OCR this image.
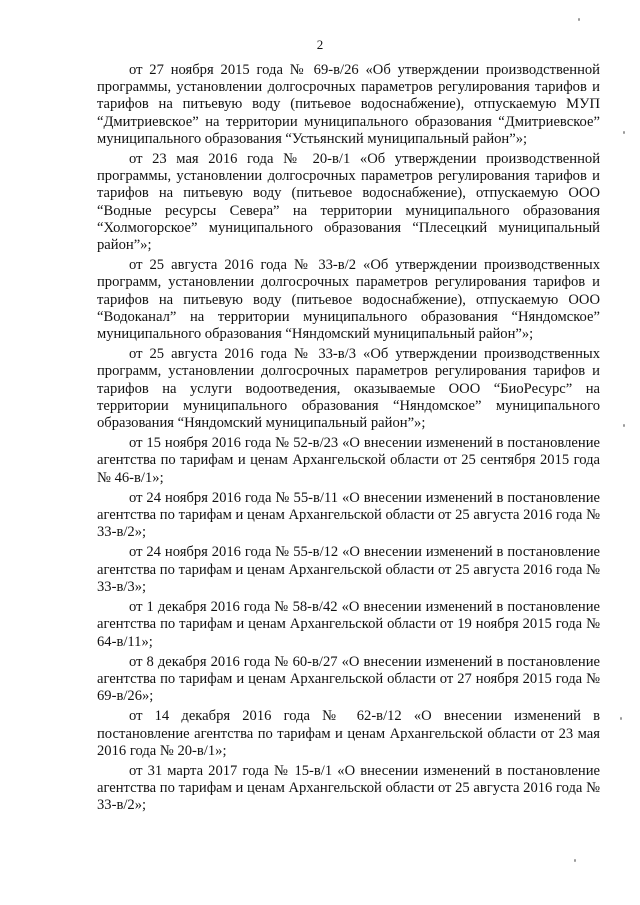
2

от 27 ноября 2015 года № 69-в/26 «Об утверждении производственной программы, установлении долгосрочных параметров регулирования тарифов и тарифов на питьевую воду (питьевое водоснабжение), отпускаемую МУП “Дмитриевское” на территории муниципального образования “Дмитриевское” муниципального образования “Устьянский муниципальный район”»;

от 23 мая 2016 года № 20-в/1 «Об утверждении производственной программы, установлении долгосрочных параметров регулирования тарифов и тарифов на питьевую воду (питьевое водоснабжение), отпускаемую ООО “Водные ресурсы Севера” на территории муниципального образования “Холмогорское” муниципального образования “Плесецкий муниципальный район”»;

от 25 августа 2016 года № 33-в/2 «Об утверждении производственных программ, установлении долгосрочных параметров регулирования тарифов и тарифов на питьевую воду (питьевое водоснабжение), отпускаемую ООО “Водоканал” на территории муниципального образования “Няндомское” муниципального образования “Няндомский муниципальный район”»;

от 25 августа 2016 года № 33-в/3 «Об утверждении производственных программ, установлении долгосрочных параметров регулирования тарифов и тарифов на услуги водоотведения, оказываемые ООО “БиоРесурс” на территории муниципального образования “Няндомское” муниципального образования “Няндомский муниципальный район”»;

от 15 ноября 2016 года № 52-в/23 «О внесении изменений в постановление агентства по тарифам и ценам Архангельской области от 25 сентября 2015 года № 46-в/1»;

от 24 ноября 2016 года № 55-в/11 «О внесении изменений в постановление агентства по тарифам и ценам Архангельской области от 25 августа 2016 года № 33-в/2»;

от 24 ноября 2016 года № 55-в/12 «О внесении изменений в постановление агентства по тарифам и ценам Архангельской области от 25 августа 2016 года № 33-в/3»;

от 1 декабря 2016 года № 58-в/42 «О внесении изменений в постановление агентства по тарифам и ценам Архангельской области от 19 ноября 2015 года № 64-в/11»;

от 8 декабря 2016 года № 60-в/27 «О внесении изменений в постановление агентства по тарифам и ценам Архангельской области от 27 ноября 2015 года № 69-в/26»;

от 14 декабря 2016 года № 62-в/12 «О внесении изменений в постановление агентства по тарифам и ценам Архангельской области от 23 мая 2016 года № 20-в/1»;

от 31 марта 2017 года № 15-в/1 «О внесении изменений в постановление агентства по тарифам и ценам Архангельской области от 25 августа 2016 года № 33-в/2»;
